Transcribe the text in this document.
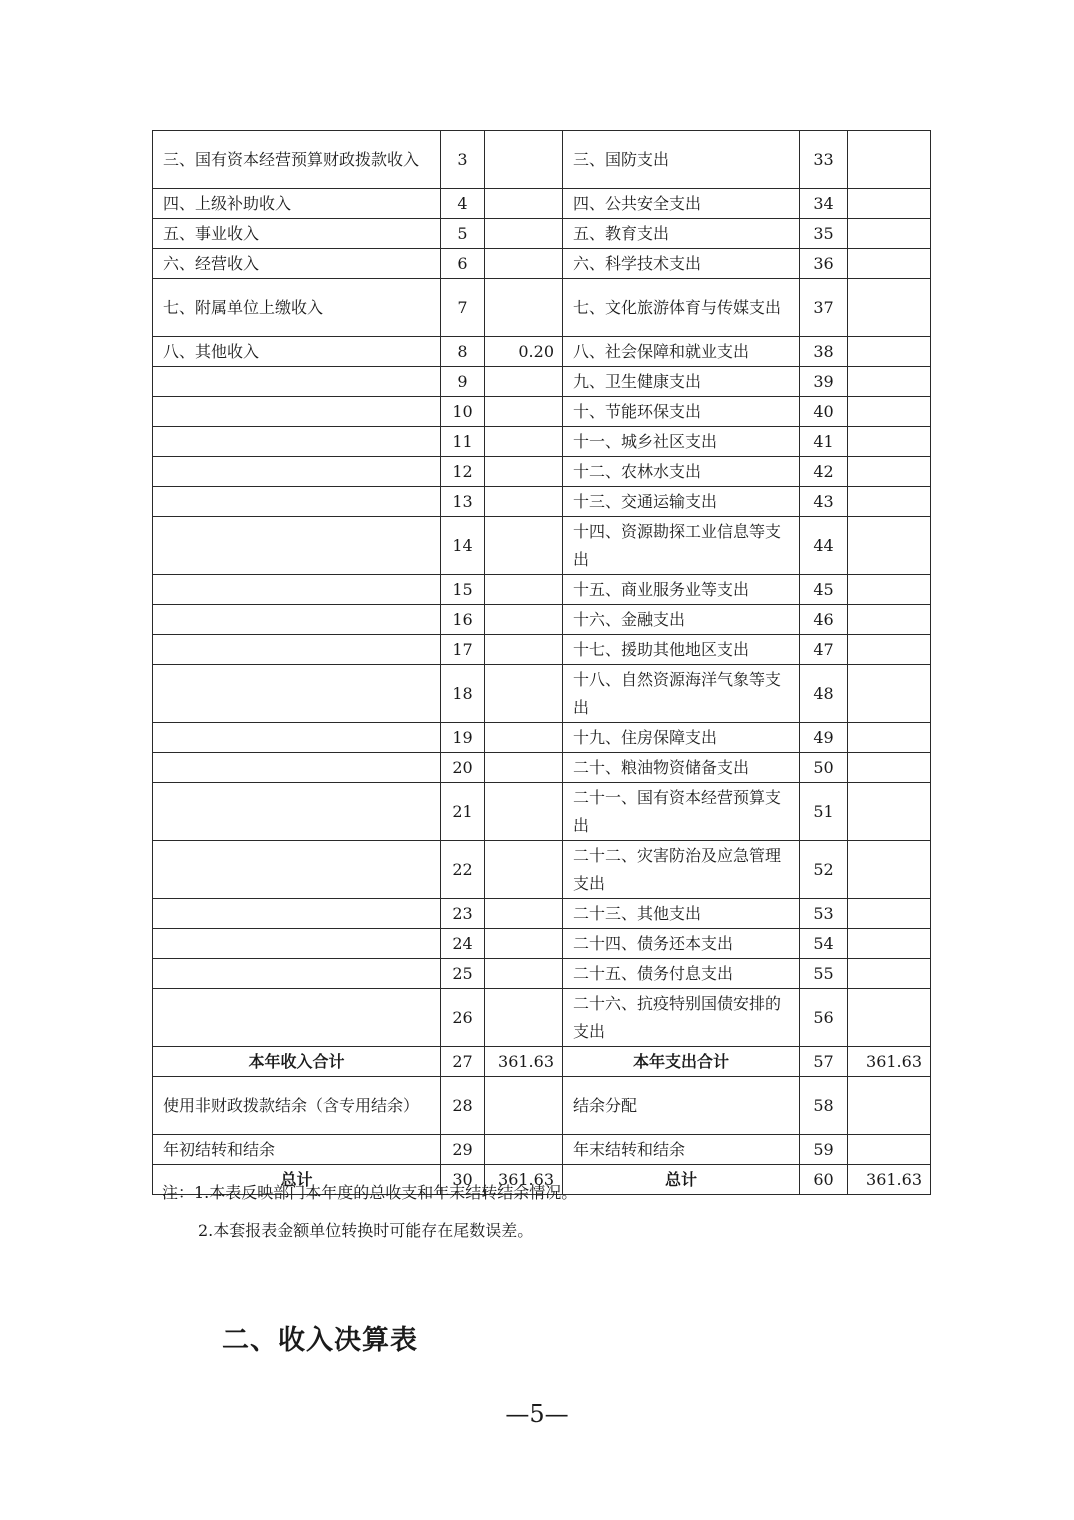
三、国有资本经营预算财政拨款收入	3		三、国防支出	33	
四、上级补助收入	4		四、公共安全支出	34	
五、事业收入	5		五、教育支出	35	
六、经营收入	6		六、科学技术支出	36	
七、附属单位上缴收入	7		七、文化旅游体育与传媒支出	37	
八、其他收入	8	0.20	八、社会保障和就业支出	38	
	9		九、卫生健康支出	39	
	10		十、节能环保支出	40	
	11		十一、城乡社区支出	41	
	12		十二、农林水支出	42	
	13		十三、交通运输支出	43	
	14		十四、资源勘探工业信息等支出	44	
	15		十五、商业服务业等支出	45	
	16		十六、金融支出	46	
	17		十七、援助其他地区支出	47	
	18		十八、自然资源海洋气象等支出	48	
	19		十九、住房保障支出	49	
	20		二十、粮油物资储备支出	50	
	21		二十一、国有资本经营预算支出	51	
	22		二十二、灾害防治及应急管理支出	52	
	23		二十三、其他支出	53	
	24		二十四、债务还本支出	54	
	25		二十五、债务付息支出	55	
	26		二十六、抗疫特别国债安排的支出	56	
本年收入合计	27	361.63	本年支出合计	57	361.63
使用非财政拨款结余（含专用结余）	28		结余分配	58	
年初结转和结余	29		年末结转和结余	59	
总计	30	361.63	总计	60	361.63
注：1.本表反映部门本年度的总收支和年末结转结余情况。
2.本套报表金额单位转换时可能存在尾数误差。
二、收入决算表
—5—
